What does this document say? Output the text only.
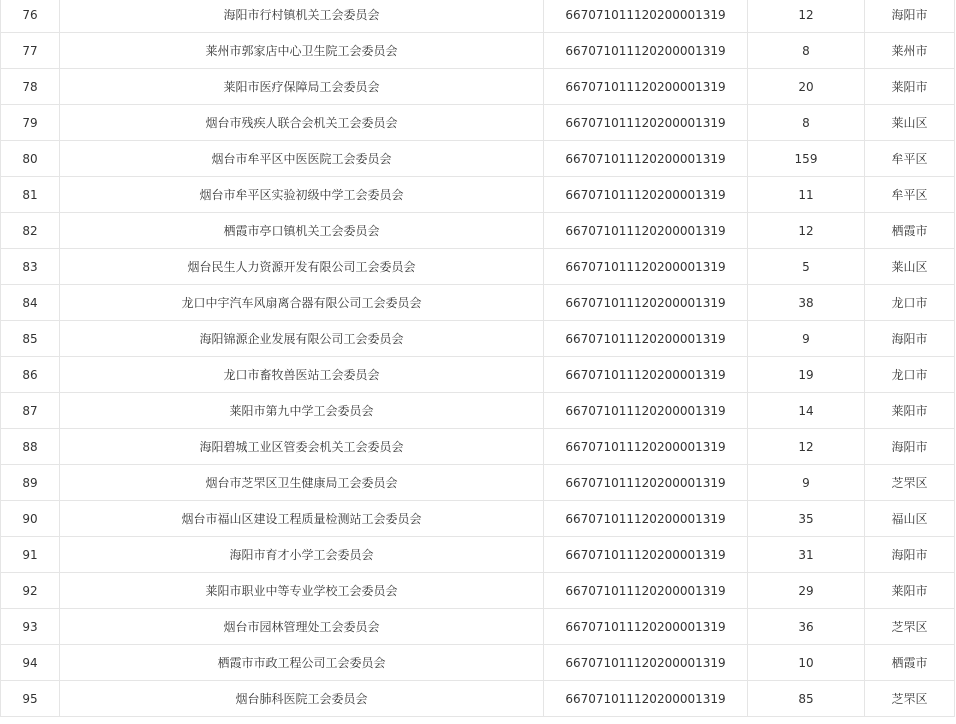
76	海阳市行村镇机关工会委员会	667071011120200001319	12	海阳市
77	莱州市郭家店中心卫生院工会委员会	667071011120200001319	8	莱州市
78	莱阳市医疗保障局工会委员会	667071011120200001319	20	莱阳市
79	烟台市残疾人联合会机关工会委员会	667071011120200001319	8	莱山区
80	烟台市牟平区中医医院工会委员会	667071011120200001319	159	牟平区
81	烟台市牟平区实验初级中学工会委员会	667071011120200001319	11	牟平区
82	栖霞市亭口镇机关工会委员会	667071011120200001319	12	栖霞市
83	烟台民生人力资源开发有限公司工会委员会	667071011120200001319	5	莱山区
84	龙口中宇汽车风扇离合器有限公司工会委员会	667071011120200001319	38	龙口市
85	海阳锦源企业发展有限公司工会委员会	667071011120200001319	9	海阳市
86	龙口市畜牧兽医站工会委员会	667071011120200001319	19	龙口市
87	莱阳市第九中学工会委员会	667071011120200001319	14	莱阳市
88	海阳碧城工业区管委会机关工会委员会	667071011120200001319	12	海阳市
89	烟台市芝罘区卫生健康局工会委员会	667071011120200001319	9	芝罘区
90	烟台市福山区建设工程质量检测站工会委员会	667071011120200001319	35	福山区
91	海阳市育才小学工会委员会	667071011120200001319	31	海阳市
92	莱阳市职业中等专业学校工会委员会	667071011120200001319	29	莱阳市
93	烟台市园林管理处工会委员会	667071011120200001319	36	芝罘区
94	栖霞市市政工程公司工会委员会	667071011120200001319	10	栖霞市
95	烟台肺科医院工会委员会	667071011120200001319	85	芝罘区
